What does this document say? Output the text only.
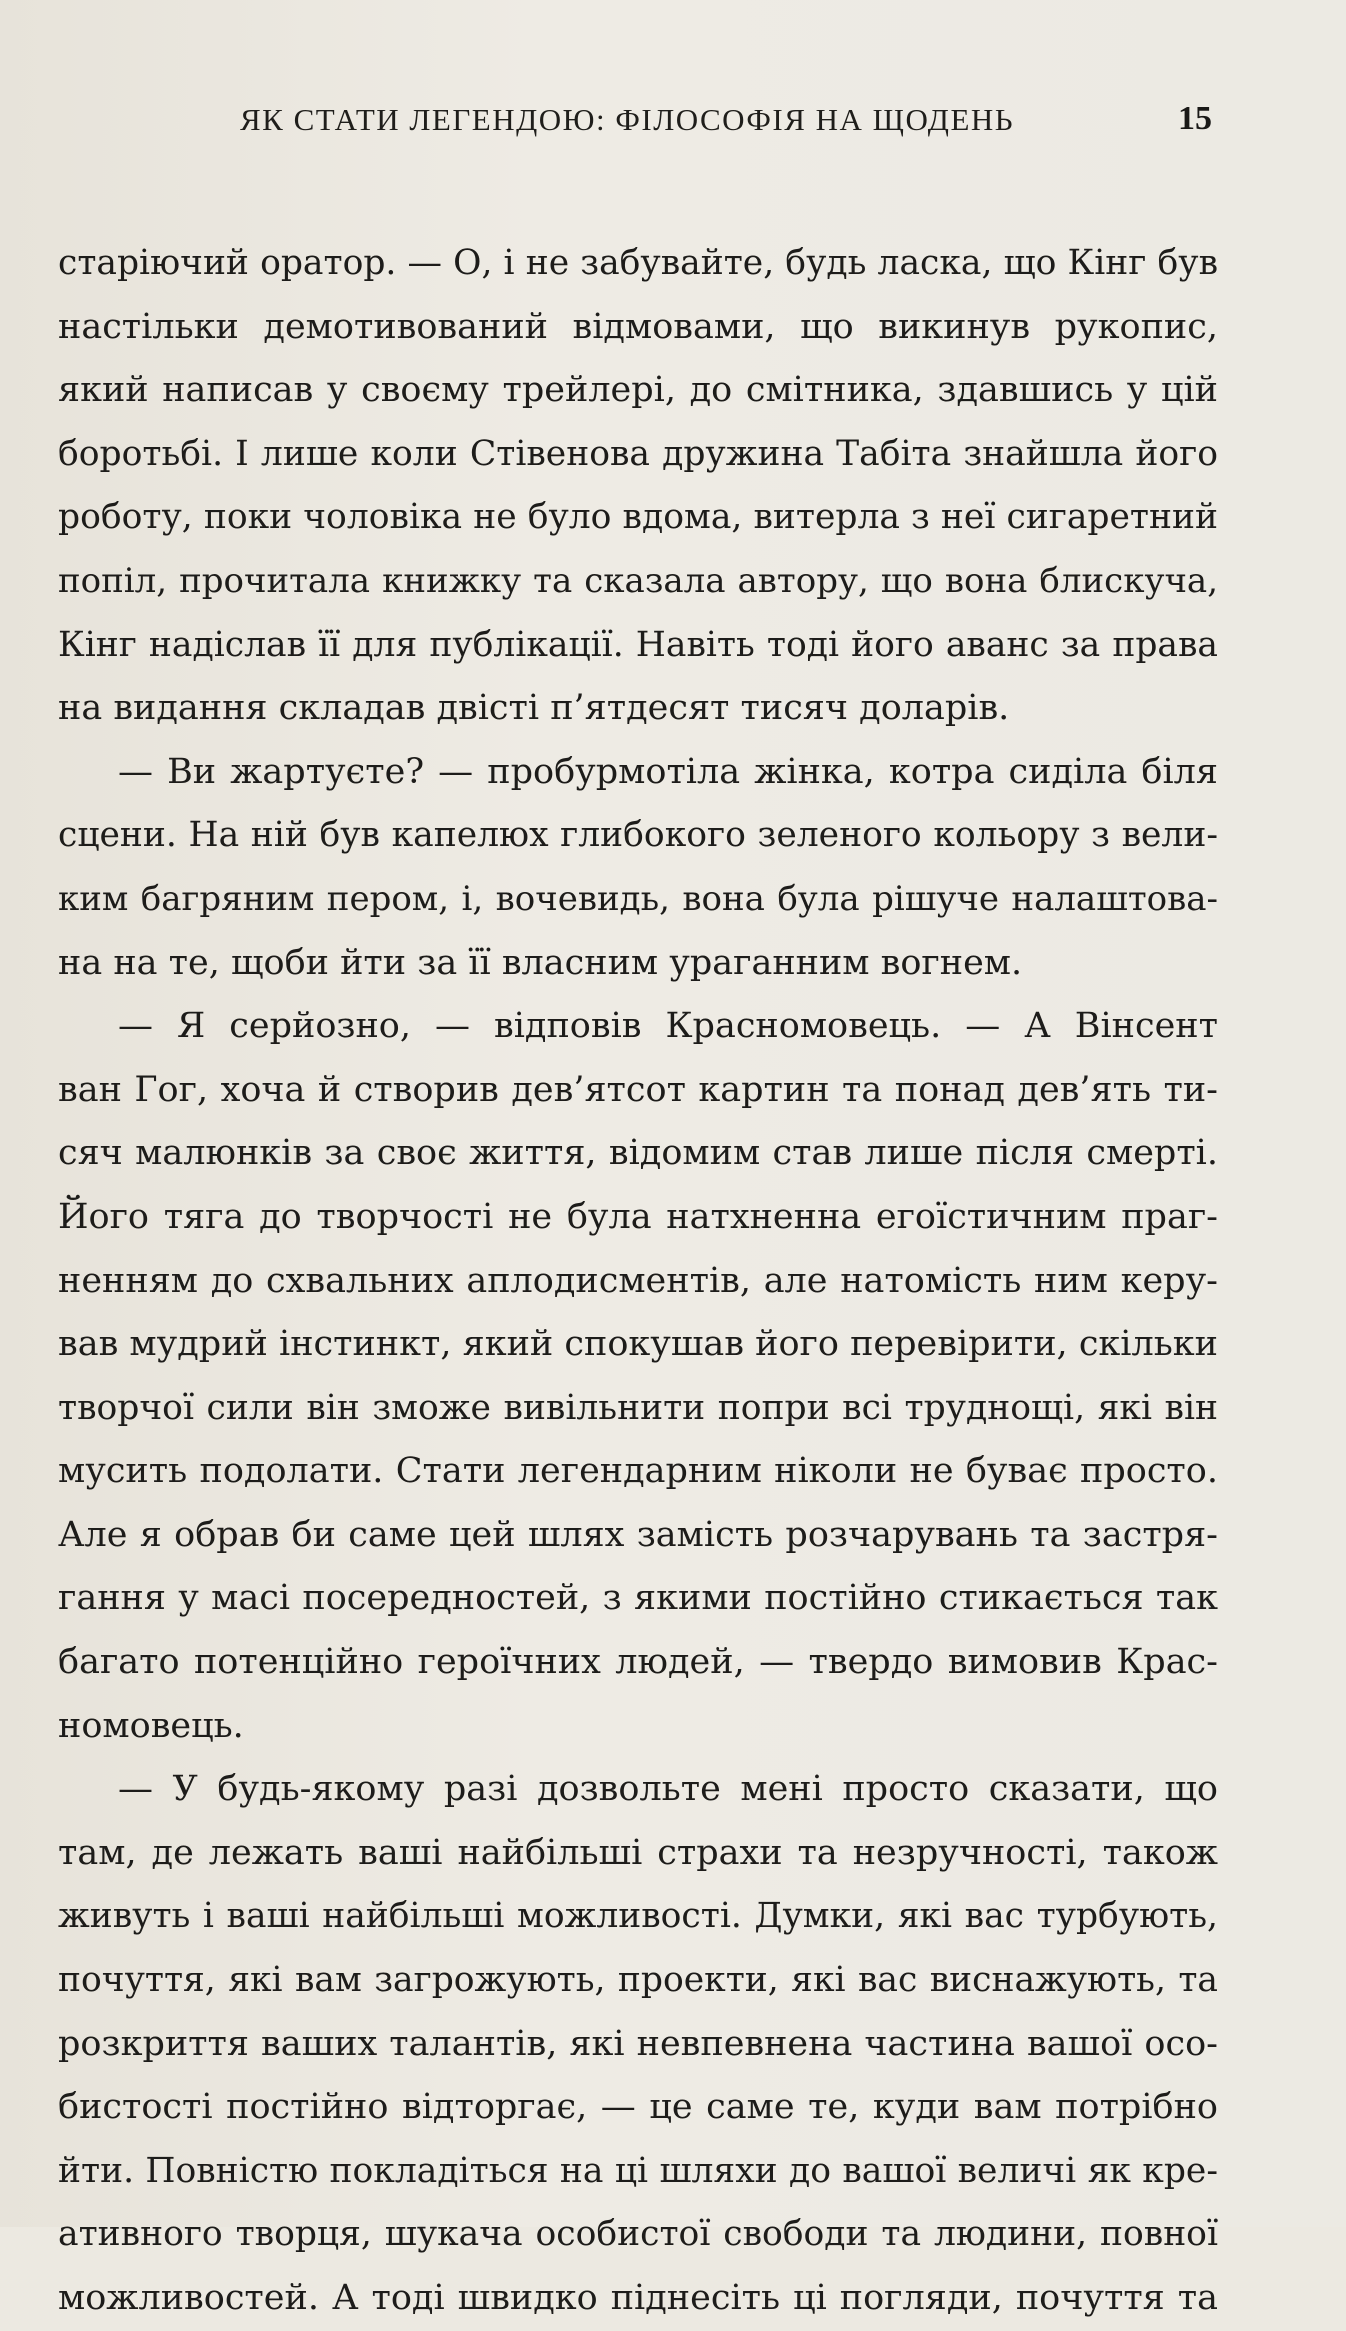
ЯК СТАТИ ЛЕГЕНДОЮ: ФІЛОСОФІЯ НА ЩОДЕНЬ	15
старіючий оратор. — О, і не забувайте, будь ласка, що Кінг був
настільки демотивований відмовами, що викинув рукопис,
який написав у своєму трейлері, до смітника, здавшись у цій
боротьбі. І лише коли Стівенова дружина Табіта знайшла його
роботу, поки чоловіка не було вдома, витерла з неї сигаретний
попіл, прочитала книжку та сказала автору, що вона блискуча,
Кінг надіслав її для публікації. Навіть тоді його аванс за права
на видання складав двісті п’ятдесят тисяч доларів.
— Ви жартуєте? — пробурмотіла жінка, котра сиділа біля
сцени. На ній був капелюх глибокого зеленого кольору з вели-
ким багряним пером, і, вочевидь, вона була рішуче налаштова-
на на те, щоби йти за її власним ураганним вогнем.
— Я серйозно, — відповів Красномовець. — А Вінсент
ван Гог, хоча й створив дев’ятсот картин та понад дев’ять ти-
сяч малюнків за своє життя, відомим став лише після смерті.
Його тяга до творчості не була натхненна егоїстичним праг-
ненням до схвальних аплодисментів, але натомість ним керу-
вав мудрий інстинкт, який спокушав його перевірити, скільки
творчої сили він зможе вивільнити попри всі труднощі, які він
мусить подолати. Стати легендарним ніколи не буває просто.
Але я обрав би саме цей шлях замість розчарувань та застря-
гання у масі посередностей, з якими постійно стикається так
багато потенційно героїчних людей, — твердо вимовив Крас-
номовець.
— У будь-якому разі дозвольте мені просто сказати, що
там, де лежать ваші найбільші страхи та незручності, також
живуть і ваші найбільші можливості. Думки, які вас турбують,
почуття, які вам загрожують, проекти, які вас виснажують, та
розкриття ваших талантів, які невпевнена частина вашої осо-
бистості постійно відторгає, — це саме те, куди вам потрібно
йти. Повністю покладіться на ці шляхи до вашої величі як кре-
ативного творця, шукача особистої свободи та людини, повної
можливостей. А тоді швидко піднесіть ці погляди, почуття та
